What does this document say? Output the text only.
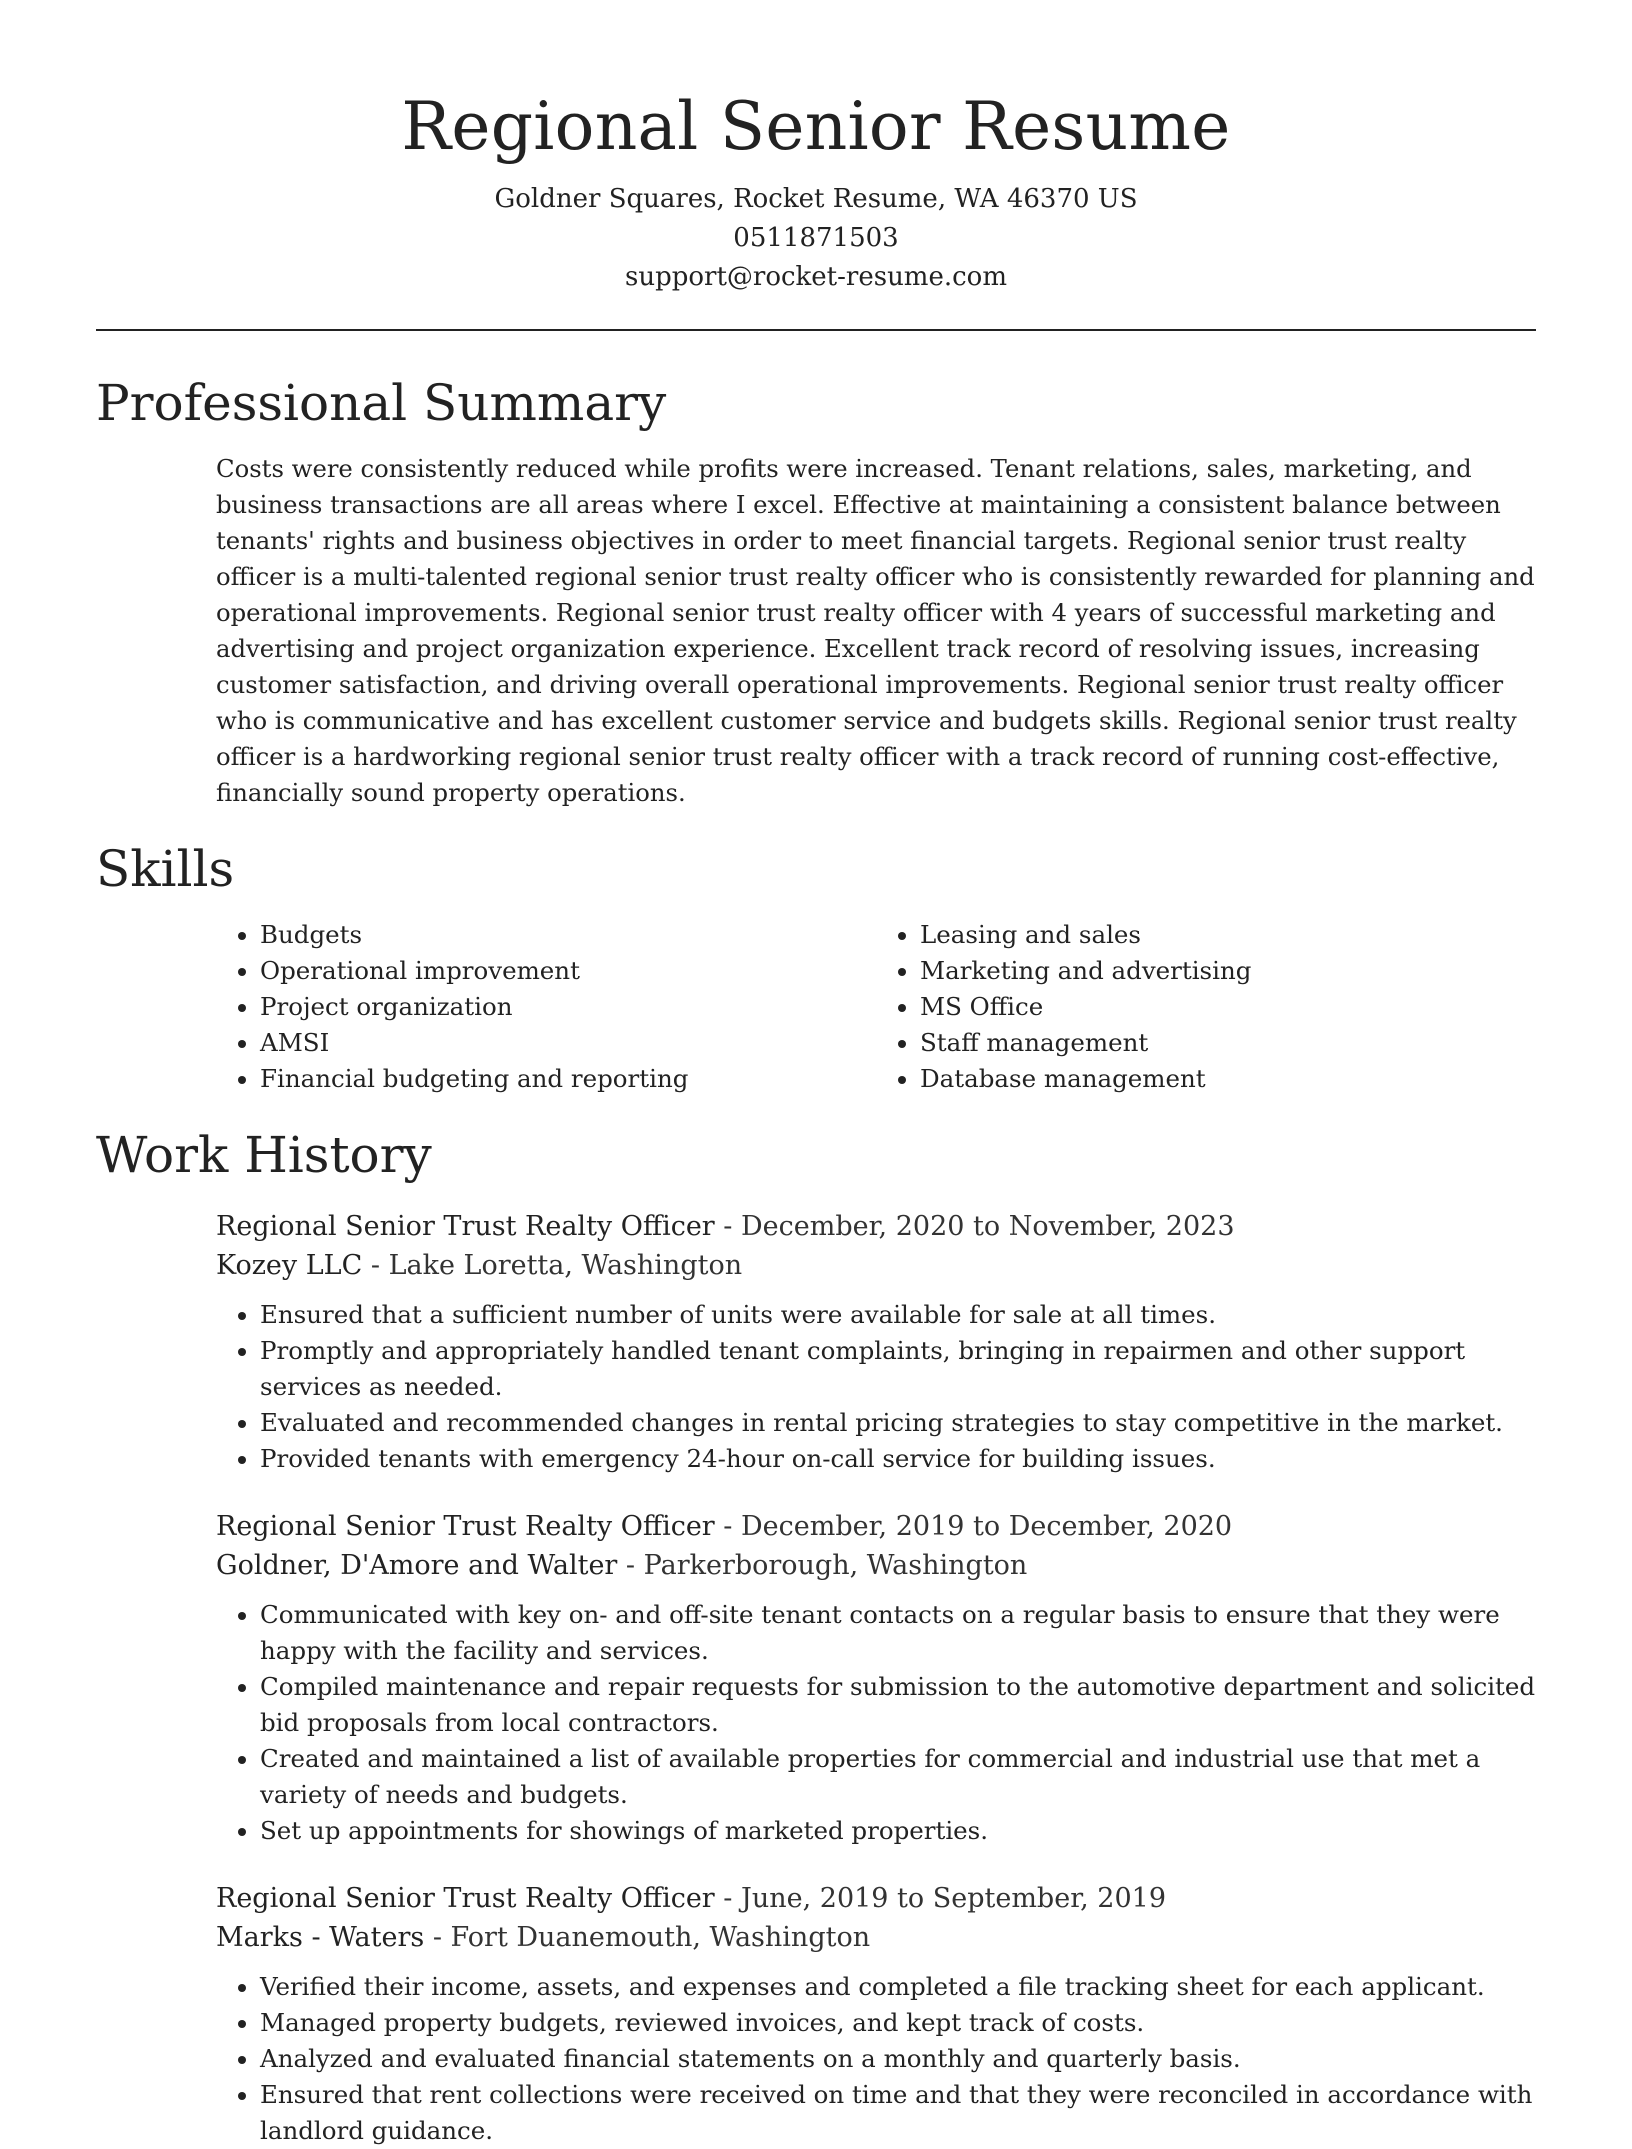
Regional Senior Resume
Goldner Squares, Rocket Resume, WA 46370 US
0511871503
support@rocket-resume.com
Professional Summary
Costs were consistently reduced while profits were increased. Tenant relations, sales, marketing, and business transactions are all areas where I excel. Effective at maintaining a consistent balance between tenants' rights and business objectives in order to meet financial targets. Regional senior trust realty officer is a multi-talented regional senior trust realty officer who is consistently rewarded for planning and operational improvements. Regional senior trust realty officer with 4 years of successful marketing and advertising and project organization experience. Excellent track record of resolving issues, increasing customer satisfaction, and driving overall operational improvements. Regional senior trust realty officer who is communicative and has excellent customer service and budgets skills. Regional senior trust realty officer is a hardworking regional senior trust realty officer with a track record of running cost-effective, financially sound property operations.
Skills
• Budgets
• Operational improvement
• Project organization
• AMSI
• Financial budgeting and reporting
• Leasing and sales
• Marketing and advertising
• MS Office
• Staff management
• Database management
Work History
Regional Senior Trust Realty Officer - December, 2020 to November, 2023
Kozey LLC - Lake Loretta, Washington
• Ensured that a sufficient number of units were available for sale at all times.
• Promptly and appropriately handled tenant complaints, bringing in repairmen and other support services as needed.
• Evaluated and recommended changes in rental pricing strategies to stay competitive in the market.
• Provided tenants with emergency 24-hour on-call service for building issues.
Regional Senior Trust Realty Officer - December, 2019 to December, 2020
Goldner, D'Amore and Walter - Parkerborough, Washington
• Communicated with key on- and off-site tenant contacts on a regular basis to ensure that they were happy with the facility and services.
• Compiled maintenance and repair requests for submission to the automotive department and solicited bid proposals from local contractors.
• Created and maintained a list of available properties for commercial and industrial use that met a variety of needs and budgets.
• Set up appointments for showings of marketed properties.
Regional Senior Trust Realty Officer - June, 2019 to September, 2019
Marks - Waters - Fort Duanemouth, Washington
• Verified their income, assets, and expenses and completed a file tracking sheet for each applicant.
• Managed property budgets, reviewed invoices, and kept track of costs.
• Analyzed and evaluated financial statements on a monthly and quarterly basis.
• Ensured that rent collections were received on time and that they were reconciled in accordance with landlord guidance.
